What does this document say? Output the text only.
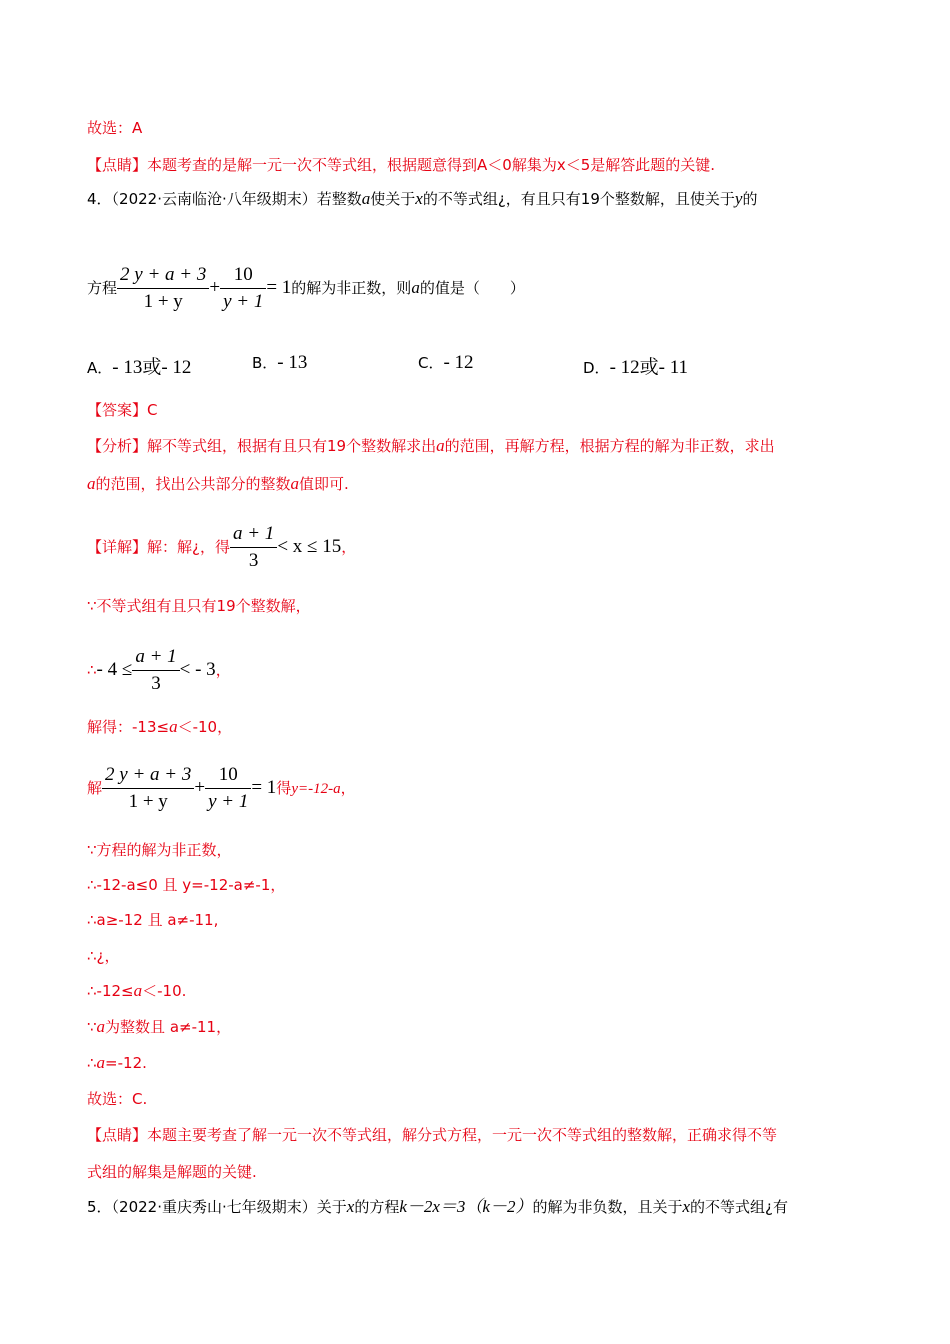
故选：A
【点睛】本题考查的是解一元一次不等式组，根据题意得到A＜0解集为x＜5是解答此题的关键.
4．（2022·云南临沧·八年级期末）若整数a使关于x的不等式组¿，有且只有19个整数解，且使关于y的
方程 $\frac{2 y + a + 3}{1 + y} + \frac{10}{y + 1} = 1$的解为非正数，则a的值是（　　）
A．- 13或- 12	B．- 13	C．- 12	D．- 12或- 11
【答案】C
【分析】解不等式组，根据有且只有19个整数解求出a的范围，再解方程，根据方程的解为非正数，求出
a的范围，找出公共部分的整数a值即可.
【详解】解：解¿，得 $\frac{a + 1}{3} < x \le 15$，
∵不等式组有且只有19个整数解，
∴- $4 \le \frac{a + 1}{3}$ < - 3，
解得：-13≤a＜-10，
解 $\frac{2 y + a + 3}{1 + y} + \frac{10}{y + 1} = 1$得y=-12-a，
∵方程的解为非正数，
∴-12-a≤0 且 y=-12-a≠-1，
∴a≥-12 且 a≠-11,
∴¿，
∴-12≤a＜-10.
∵a为整数且 a≠-11，
∴a=-12.
故选：C.
【点睛】本题主要考查了解一元一次不等式组，解分式方程，一元一次不等式组的整数解，正确求得不等
式组的解集是解题的关键.
5．（2022·重庆秀山·七年级期末）关于x的方程k－2x＝3（k－2）的解为非负数，且关于x的不等式组¿有
